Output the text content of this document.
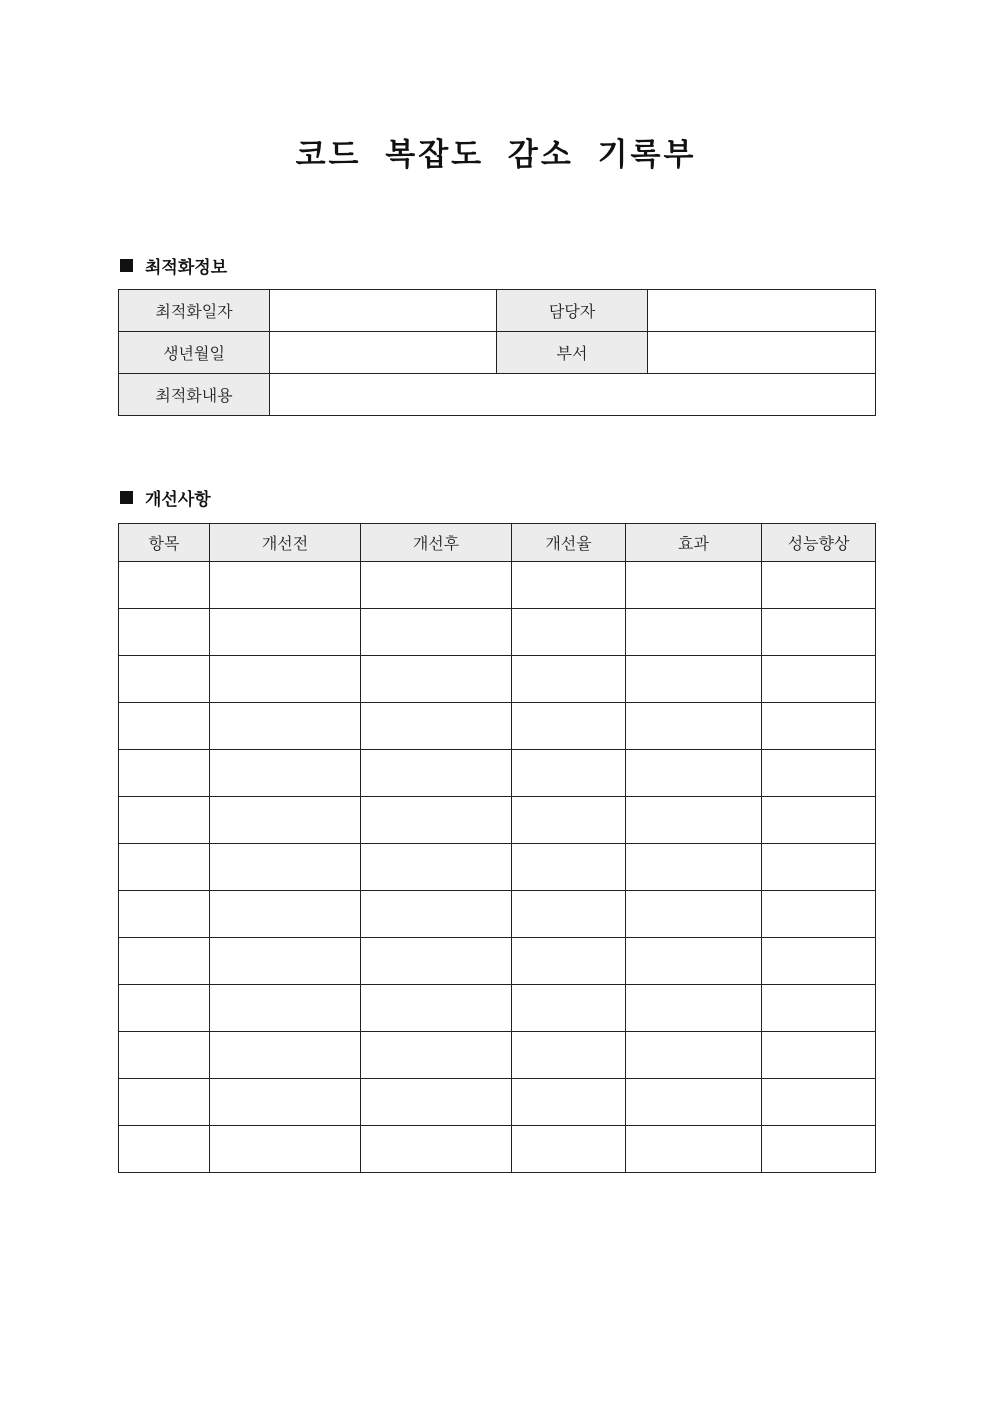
코드 복잡도 감소 기록부
최적화정보
최적화일자		담당자	
생년월일		부서	
최적화내용			
개선사항
항목	개선전	개선후	개선율	효과	성능향상
